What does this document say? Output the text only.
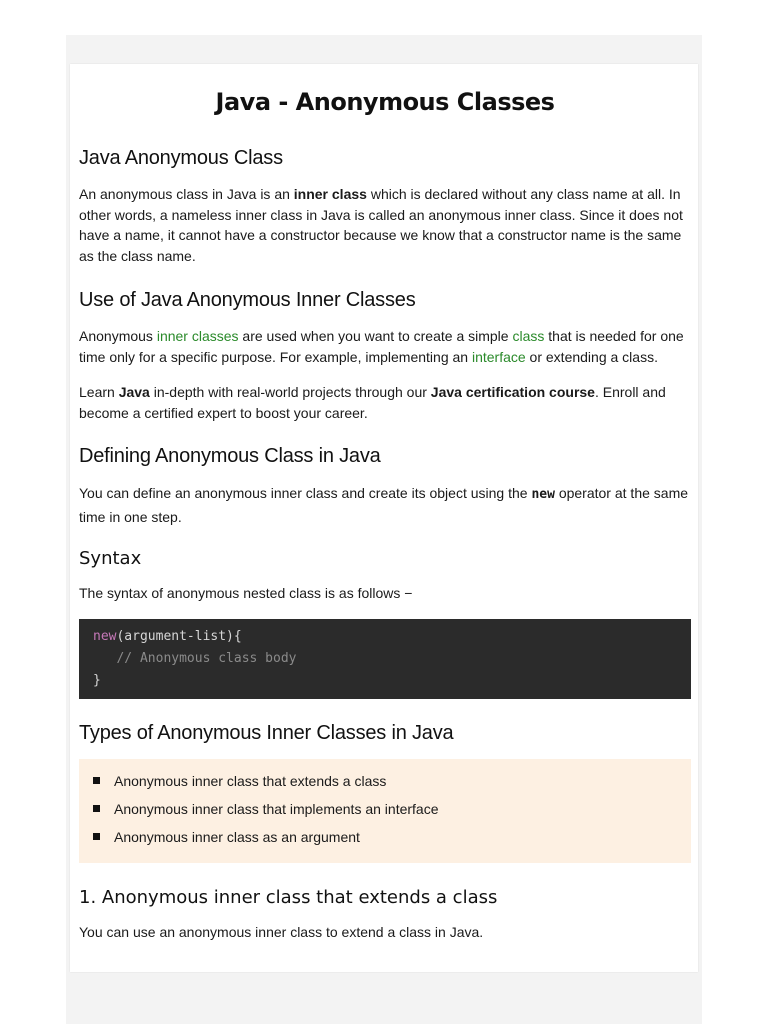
Java - Anonymous Classes
Java Anonymous Class

An anonymous class in Java is an inner class which is declared without any class name at all. In other words, a nameless inner class in Java is called an anonymous inner class. Since it does not have a name, it cannot have a constructor because we know that a constructor name is the same as the class name.

Use of Java Anonymous Inner Classes

Anonymous inner classes are used when you want to create a simple class that is needed for one time only for a specific purpose. For example, implementing an interface or extending a class.

Learn Java in-depth with real-world projects through our Java certification course. Enroll and become a certified expert to boost your career.

Defining Anonymous Class in Java

You can define an anonymous inner class and create its object using the new operator at the same time in one step.

Syntax

The syntax of anonymous nested class is as follows −

new(argument-list){
// Anonymous class body
}
Types of Anonymous Inner Classes in Java
Anonymous inner class that extends a class
Anonymous inner class that implements an interface
Anonymous inner class as an argument
1. Anonymous inner class that extends a class

You can use an anonymous inner class to extend a class in Java.
